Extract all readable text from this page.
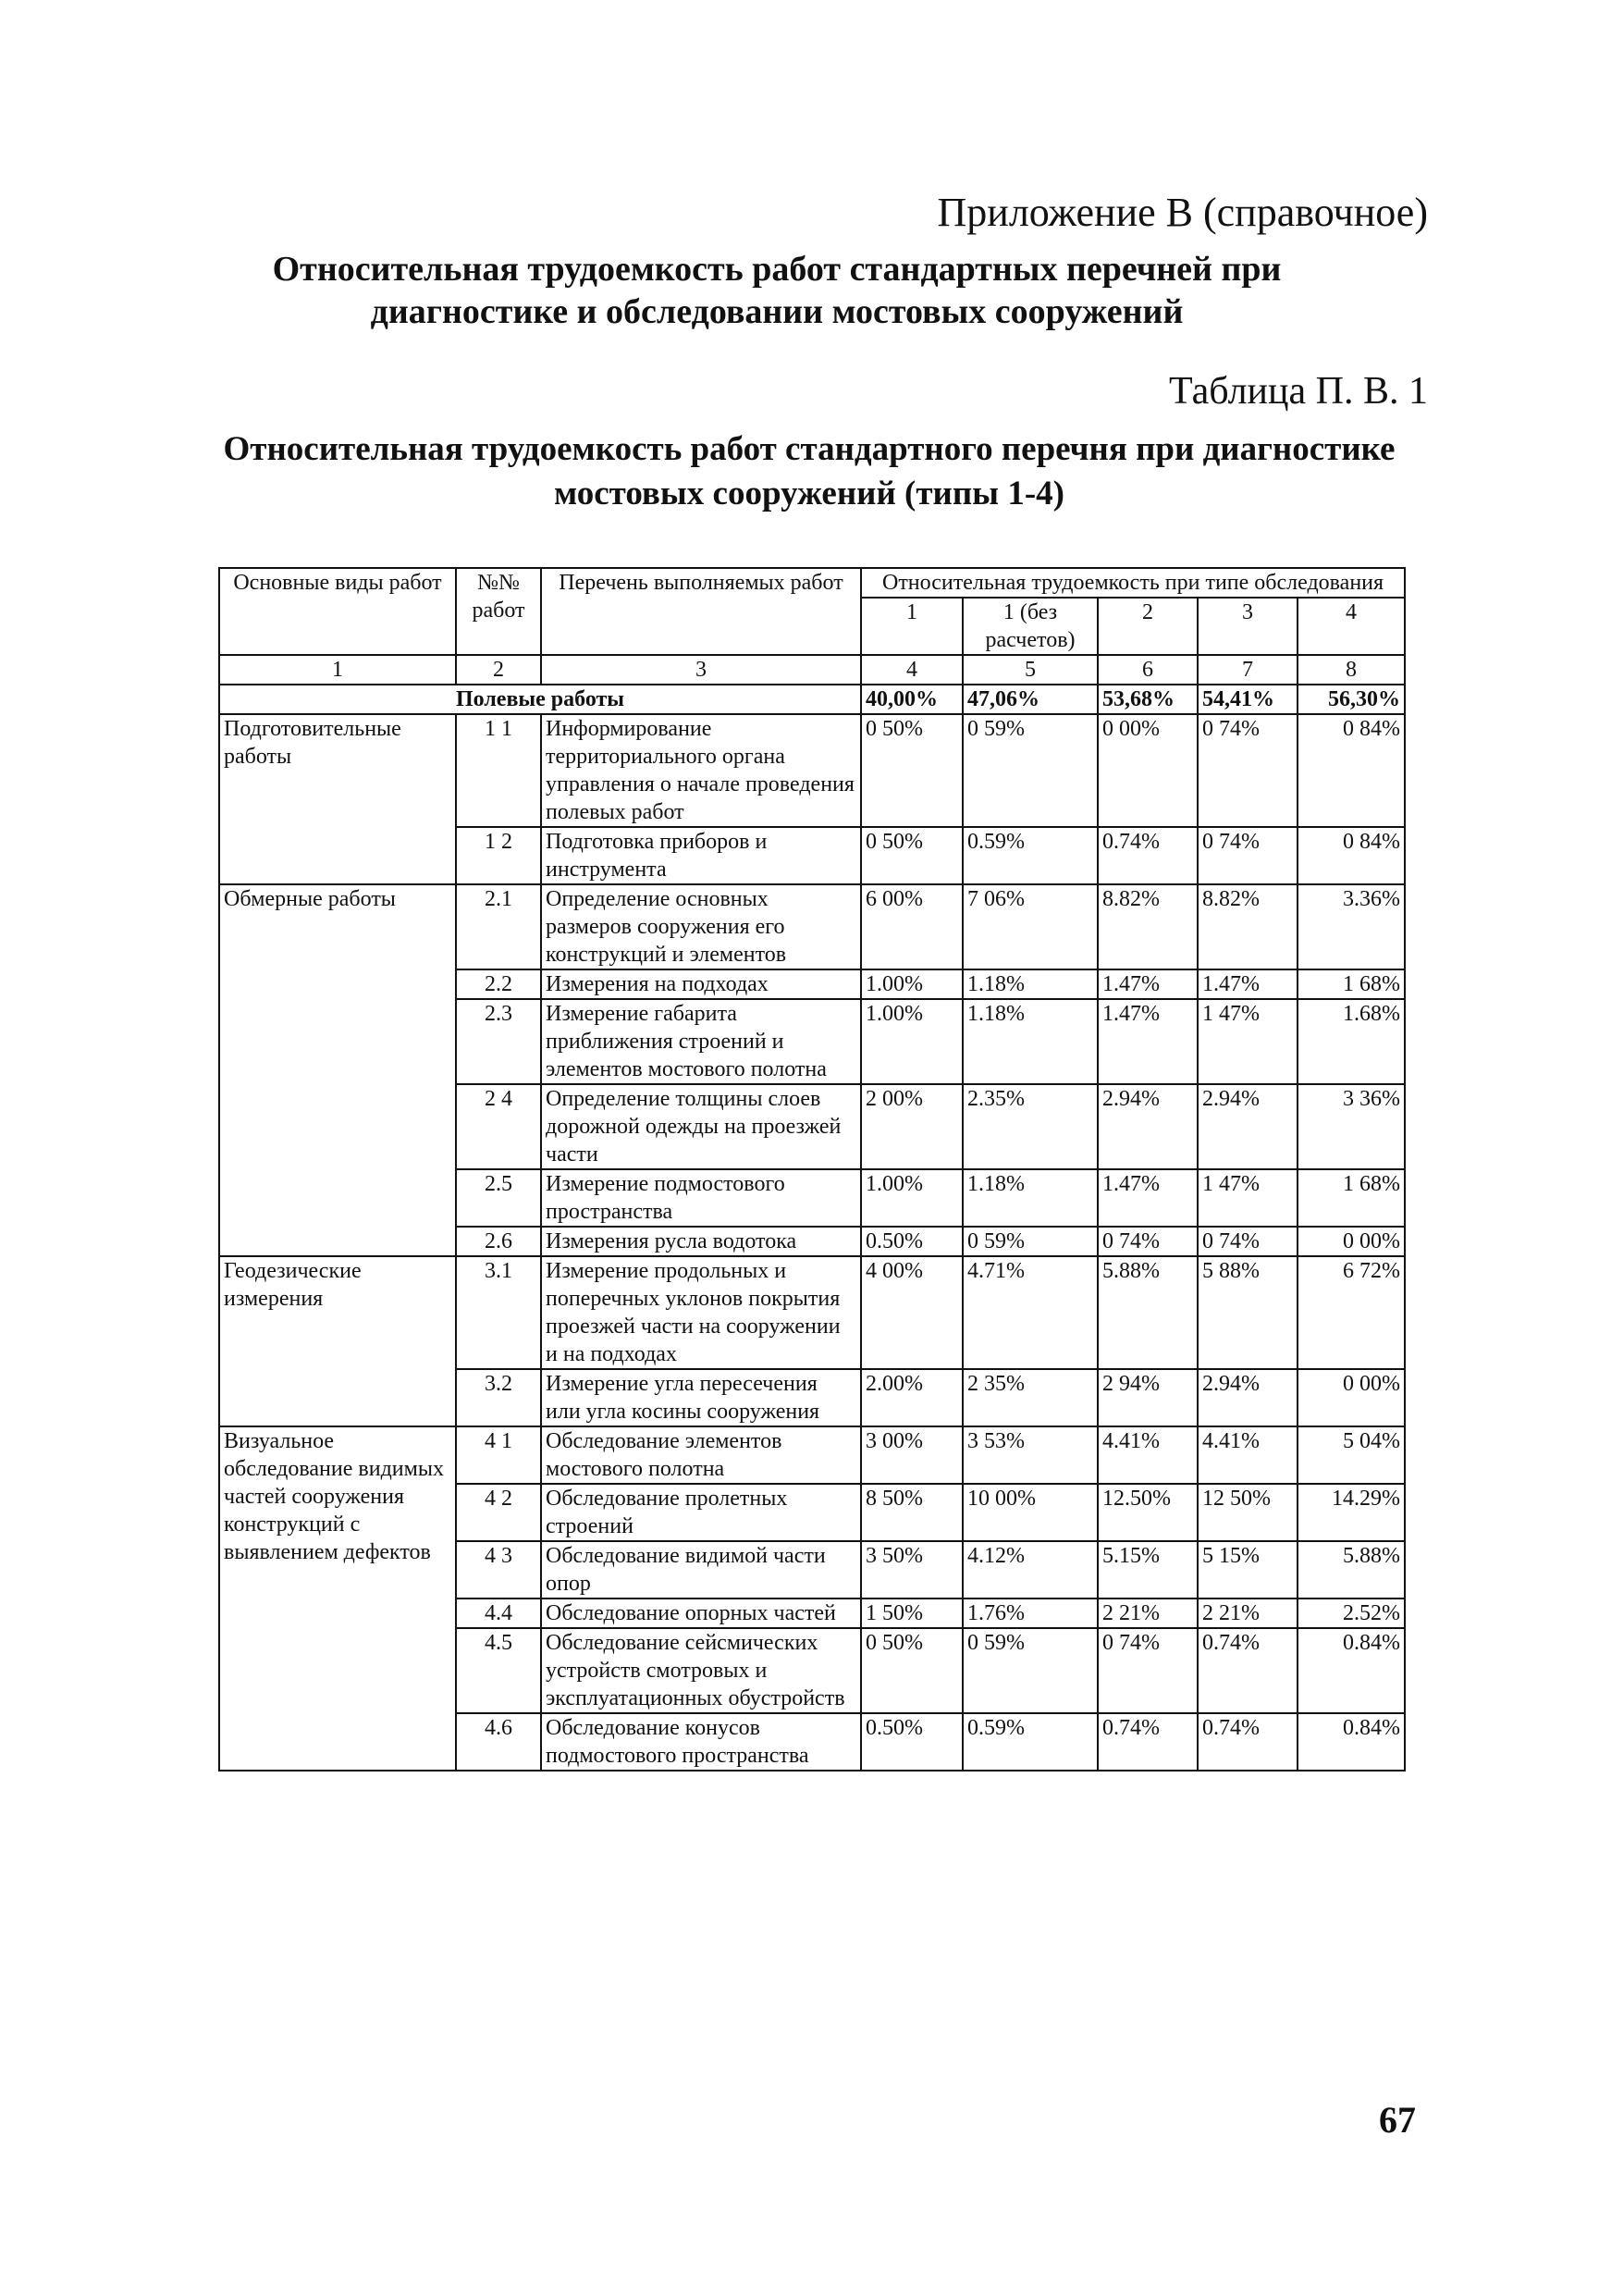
Приложение В (справочное)
Относительная трудоемкость работ стандартных перечней при
диагностике и обследовании мостовых сооружений
Таблица П. В. 1
Относительная трудоемкость работ стандартного перечня при диагностике
мостовых сооружений (типы 1-4)
Основные виды работ	№№ работ	Перечень выполняемых работ	Относительная трудоемкость при типе обследования				
			1	1 (без расчетов)	2	3	4
1	2	3	4	5	6	7	8
Полевые работы			40,00%	47,06%	53,68%	54,41%	56,30%
Подготовительные работы	1 1	Информирование территориального органа управления о начале проведения полевых работ	0 50%	0 59%	0 00%	0 74%	0 84%
	1 2	Подготовка приборов и инструмента	0 50%	0.59%	0.74%	0 74%	0 84%
Обмерные работы	2.1	Определение основных размеров сооружения его конструкций и элементов	6 00%	7 06%	8.82%	8.82%	3.36%
	2.2	Измерения на подходах	1.00%	1.18%	1.47%	1.47%	1 68%
	2.3	Измерение габарита приближения строений и элементов мостового полотна	1.00%	1.18%	1.47%	1 47%	1.68%
	2 4	Определение толщины слоев дорожной одежды на проезжей части	2 00%	2.35%	2.94%	2.94%	3 36%
	2.5	Измерение подмостового пространства	1.00%	1.18%	1.47%	1 47%	1 68%
	2.6	Измерения русла водотока	0.50%	0 59%	0 74%	0 74%	0 00%
Геодезические измерения	3.1	Измерение продольных и поперечных уклонов покрытия проезжей части на сооружении и на подходах	4 00%	4.71%	5.88%	5 88%	6 72%
	3.2	Измерение угла пересечения или угла косины сооружения	2.00%	2 35%	2 94%	2.94%	0 00%
Визуальное обследование видимых частей сооружения конструкций с выявлением дефектов	4 1	Обследование элементов мостового полотна	3 00%	3 53%	4.41%	4.41%	5 04%
	4 2	Обследование пролетных строений	8 50%	10 00%	12.50%	12 50%	14.29%
	4 3	Обследование видимой части опор	3 50%	4.12%	5.15%	5 15%	5.88%
	4.4	Обследование опорных частей	1 50%	1.76%	2 21%	2 21%	2.52%
	4.5	Обследование сейсмических устройств смотровых и эксплуатационных обустройств	0 50%	0 59%	0 74%	0.74%	0.84%
	4.6	Обследование конусов подмостового пространства	0.50%	0.59%	0.74%	0.74%	0.84%
67
